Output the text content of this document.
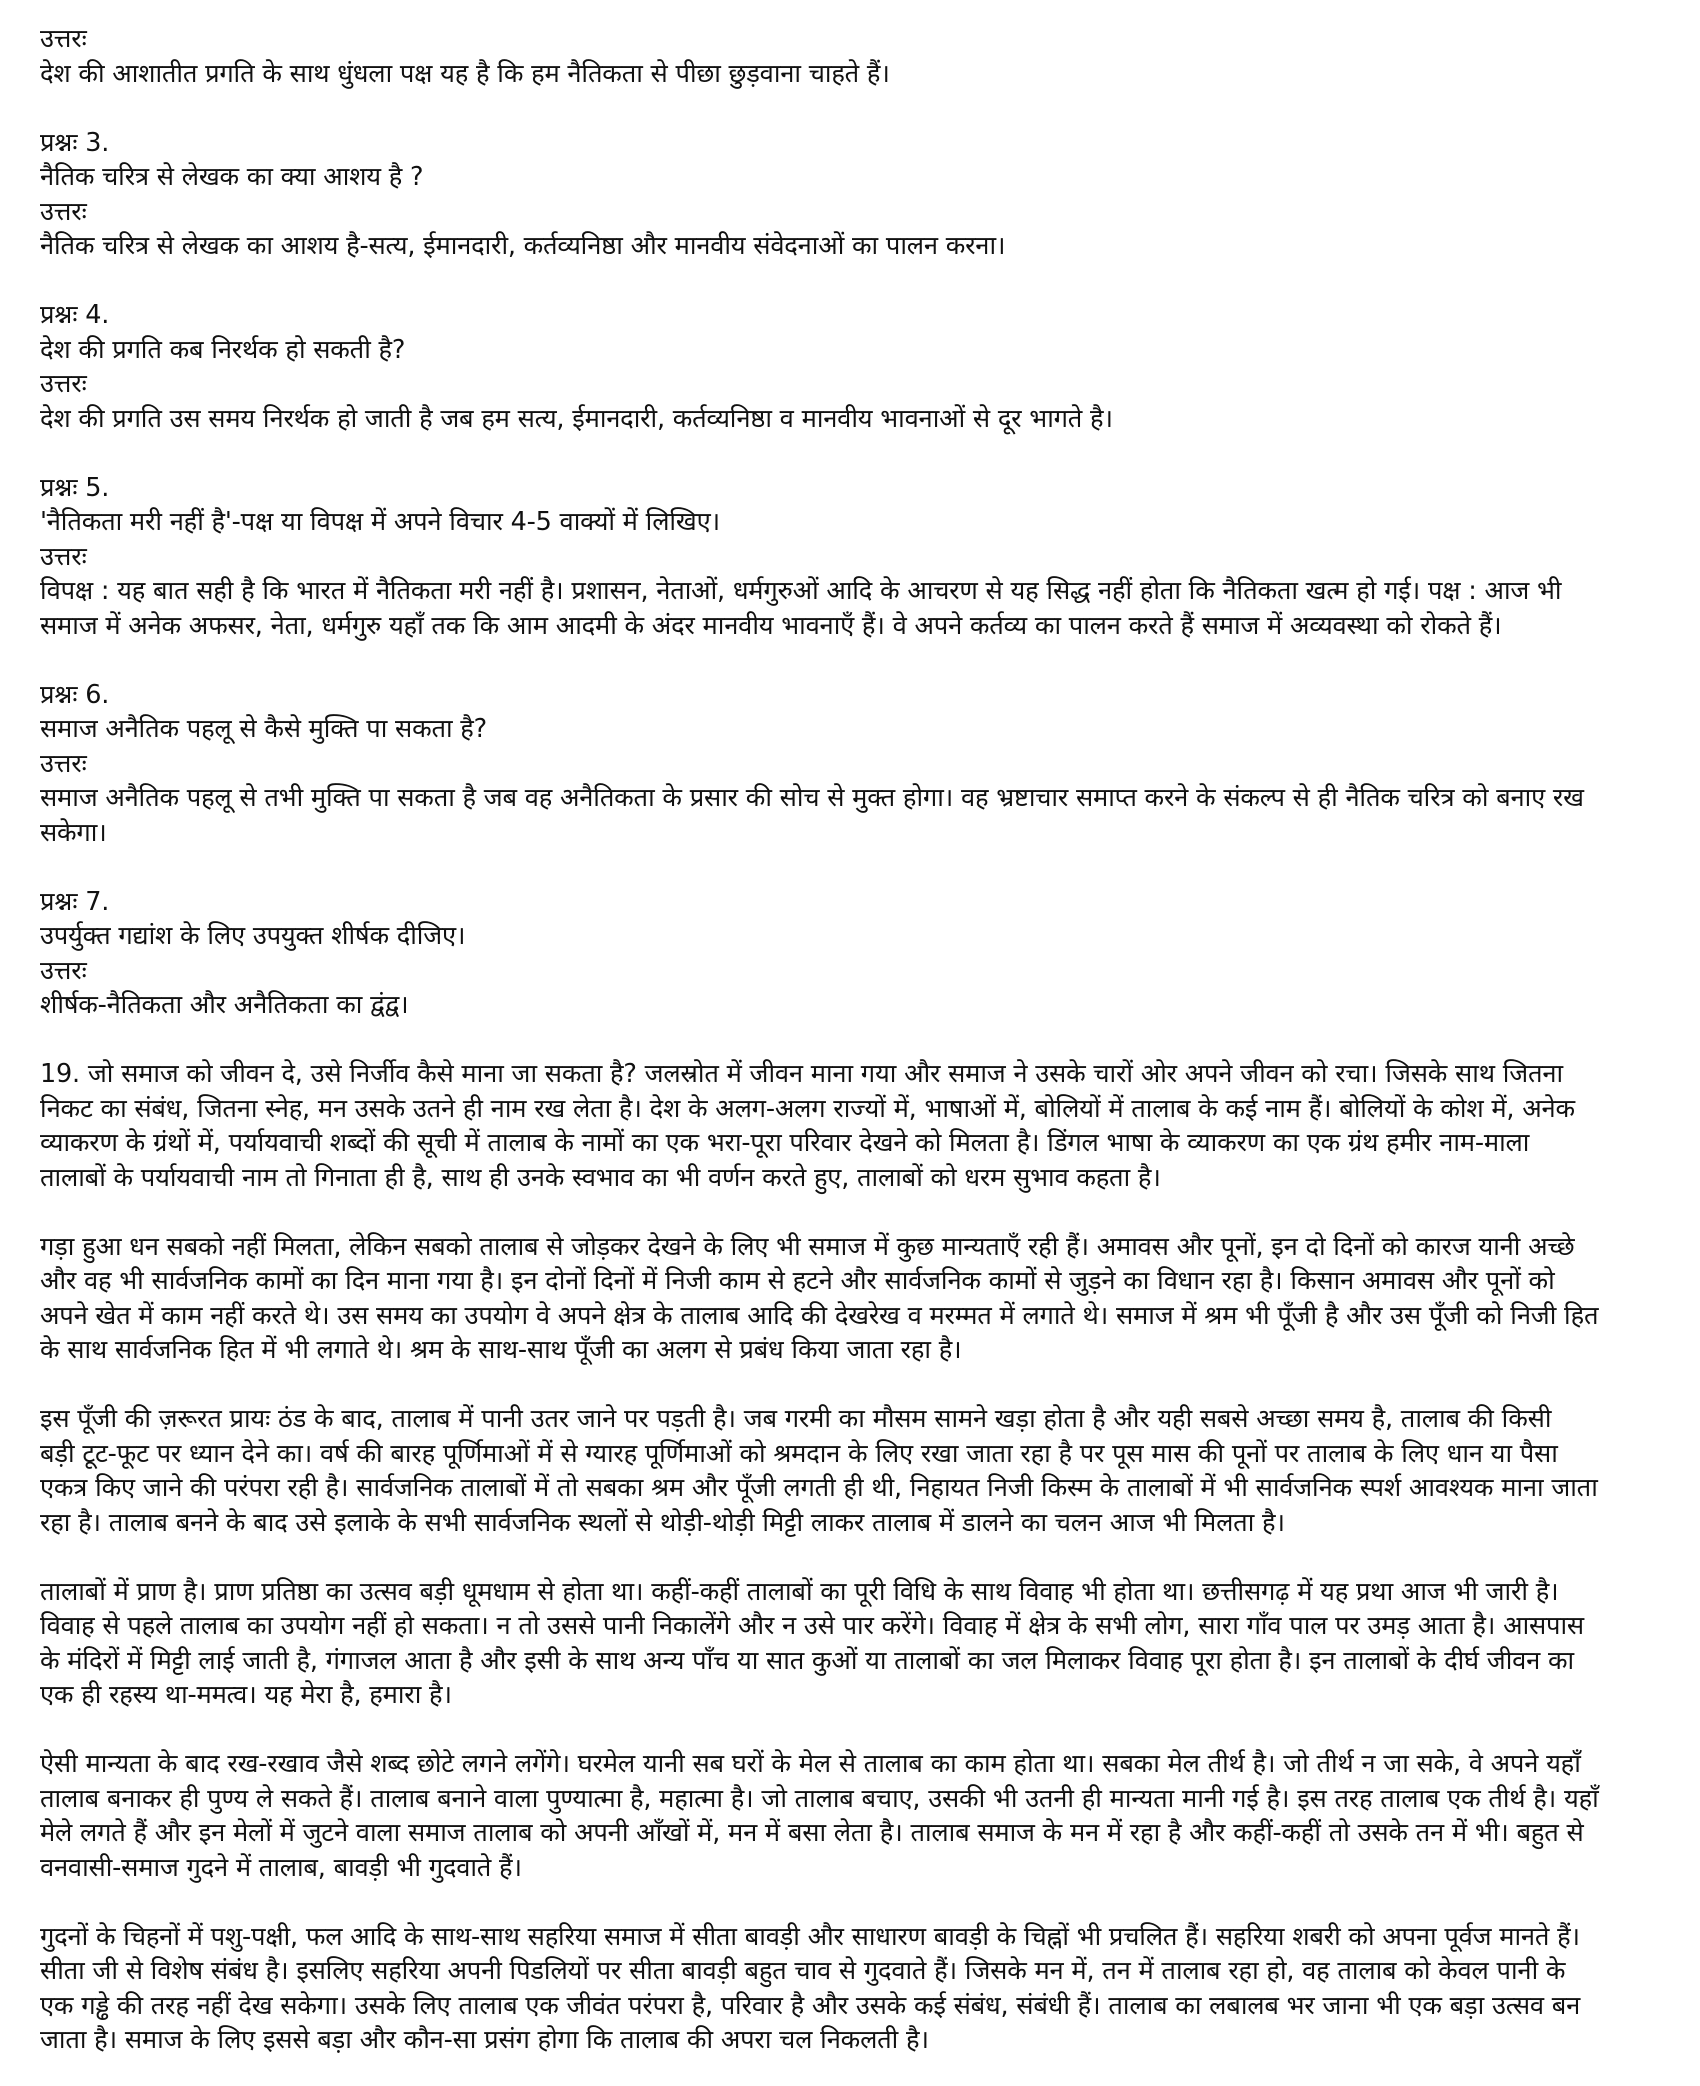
उत्तरः
देश की आशातीत प्रगति के साथ धुंधला पक्ष यह है कि हम नैतिकता से पीछा छुड़वाना चाहते हैं।
प्रश्नः 3.
नैतिक चरित्र से लेखक का क्या आशय है ?
उत्तरः
नैतिक चरित्र से लेखक का आशय है-सत्य, ईमानदारी, कर्तव्यनिष्ठा और मानवीय संवेदनाओं का पालन करना।
प्रश्नः 4.
देश की प्रगति कब निरर्थक हो सकती है?
उत्तरः
देश की प्रगति उस समय निरर्थक हो जाती है जब हम सत्य, ईमानदारी, कर्तव्यनिष्ठा व मानवीय भावनाओं से दूर भागते है।
प्रश्नः 5.
'नैतिकता मरी नहीं है'-पक्ष या विपक्ष में अपने विचार 4-5 वाक्यों में लिखिए।
उत्तरः
विपक्ष : यह बात सही है कि भारत में नैतिकता मरी नहीं है। प्रशासन, नेताओं, धर्मगुरुओं आदि के आचरण से यह सिद्ध नहीं होता कि नैतिकता खत्म हो गई। पक्ष : आज भी
समाज में अनेक अफसर, नेता, धर्मगुरु यहाँ तक कि आम आदमी के अंदर मानवीय भावनाएँ हैं। वे अपने कर्तव्य का पालन करते हैं समाज में अव्यवस्था को रोकते हैं।
प्रश्नः 6.
समाज अनैतिक पहलू से कैसे मुक्ति पा सकता है?
उत्तरः
समाज अनैतिक पहलू से तभी मुक्ति पा सकता है जब वह अनैतिकता के प्रसार की सोच से मुक्त होगा। वह भ्रष्टाचार समाप्त करने के संकल्प से ही नैतिक चरित्र को बनाए रख
सकेगा।
प्रश्नः 7.
उपर्युक्त गद्यांश के लिए उपयुक्त शीर्षक दीजिए।
उत्तरः
शीर्षक-नैतिकता और अनैतिकता का द्वंद्व।
19. जो समाज को जीवन दे, उसे निर्जीव कैसे माना जा सकता है? जलस्रोत में जीवन माना गया और समाज ने उसके चारों ओर अपने जीवन को रचा। जिसके साथ जितना
निकट का संबंध, जितना स्नेह, मन उसके उतने ही नाम रख लेता है। देश के अलग-अलग राज्यों में, भाषाओं में, बोलियों में तालाब के कई नाम हैं। बोलियों के कोश में, अनेक
व्याकरण के ग्रंथों में, पर्यायवाची शब्दों की सूची में तालाब के नामों का एक भरा-पूरा परिवार देखने को मिलता है। डिंगल भाषा के व्याकरण का एक ग्रंथ हमीर नाम-माला
तालाबों के पर्यायवाची नाम तो गिनाता ही है, साथ ही उनके स्वभाव का भी वर्णन करते हुए, तालाबों को धरम सुभाव कहता है।
गड़ा हुआ धन सबको नहीं मिलता, लेकिन सबको तालाब से जोड़कर देखने के लिए भी समाज में कुछ मान्यताएँ रही हैं। अमावस और पूनों, इन दो दिनों को कारज यानी अच्छे
और वह भी सार्वजनिक कामों का दिन माना गया है। इन दोनों दिनों में निजी काम से हटने और सार्वजनिक कामों से जुड़ने का विधान रहा है। किसान अमावस और पूनों को
अपने खेत में काम नहीं करते थे। उस समय का उपयोग वे अपने क्षेत्र के तालाब आदि की देखरेख व मरम्मत में लगाते थे। समाज में श्रम भी पूँजी है और उस पूँजी को निजी हित
के साथ सार्वजनिक हित में भी लगाते थे। श्रम के साथ-साथ पूँजी का अलग से प्रबंध किया जाता रहा है।
इस पूँजी की ज़रूरत प्रायः ठंड के बाद, तालाब में पानी उतर जाने पर पड़ती है। जब गरमी का मौसम सामने खड़ा होता है और यही सबसे अच्छा समय है, तालाब की किसी
बड़ी टूट-फूट पर ध्यान देने का। वर्ष की बारह पूर्णिमाओं में से ग्यारह पूर्णिमाओं को श्रमदान के लिए रखा जाता रहा है पर पूस मास की पूनों पर तालाब के लिए धान या पैसा
एकत्र किए जाने की परंपरा रही है। सार्वजनिक तालाबों में तो सबका श्रम और पूँजी लगती ही थी, निहायत निजी किस्म के तालाबों में भी सार्वजनिक स्पर्श आवश्यक माना जाता
रहा है। तालाब बनने के बाद उसे इलाके के सभी सार्वजनिक स्थलों से थोड़ी-थोड़ी मिट्टी लाकर तालाब में डालने का चलन आज भी मिलता है।
तालाबों में प्राण है। प्राण प्रतिष्ठा का उत्सव बड़ी धूमधाम से होता था। कहीं-कहीं तालाबों का पूरी विधि के साथ विवाह भी होता था। छत्तीसगढ़ में यह प्रथा आज भी जारी है।
विवाह से पहले तालाब का उपयोग नहीं हो सकता। न तो उससे पानी निकालेंगे और न उसे पार करेंगे। विवाह में क्षेत्र के सभी लोग, सारा गाँव पाल पर उमड़ आता है। आसपास
के मंदिरों में मिट्टी लाई जाती है, गंगाजल आता है और इसी के साथ अन्य पाँच या सात कुओं या तालाबों का जल मिलाकर विवाह पूरा होता है। इन तालाबों के दीर्घ जीवन का
एक ही रहस्य था-ममत्व। यह मेरा है, हमारा है।
ऐसी मान्यता के बाद रख-रखाव जैसे शब्द छोटे लगने लगेंगे। घरमेल यानी सब घरों के मेल से तालाब का काम होता था। सबका मेल तीर्थ है। जो तीर्थ न जा सके, वे अपने यहाँ
तालाब बनाकर ही पुण्य ले सकते हैं। तालाब बनाने वाला पुण्यात्मा है, महात्मा है। जो तालाब बचाए, उसकी भी उतनी ही मान्यता मानी गई है। इस तरह तालाब एक तीर्थ है। यहाँ
मेले लगते हैं और इन मेलों में जुटने वाला समाज तालाब को अपनी आँखों में, मन में बसा लेता है। तालाब समाज के मन में रहा है और कहीं-कहीं तो उसके तन में भी। बहुत से
वनवासी-समाज गुदने में तालाब, बावड़ी भी गुदवाते हैं।
गुदनों के चिहनों में पशु-पक्षी, फल आदि के साथ-साथ सहरिया समाज में सीता बावड़ी और साधारण बावड़ी के चिह्नों भी प्रचलित हैं। सहरिया शबरी को अपना पूर्वज मानते हैं।
सीता जी से विशेष संबंध है। इसलिए सहरिया अपनी पिडलियों पर सीता बावड़ी बहुत चाव से गुदवाते हैं। जिसके मन में, तन में तालाब रहा हो, वह तालाब को केवल पानी के
एक गड्ढे की तरह नहीं देख सकेगा। उसके लिए तालाब एक जीवंत परंपरा है, परिवार है और उसके कई संबंध, संबंधी हैं। तालाब का लबालब भर जाना भी एक बड़ा उत्सव बन
जाता है। समाज के लिए इससे बड़ा और कौन-सा प्रसंग होगा कि तालाब की अपरा चल निकलती है।
